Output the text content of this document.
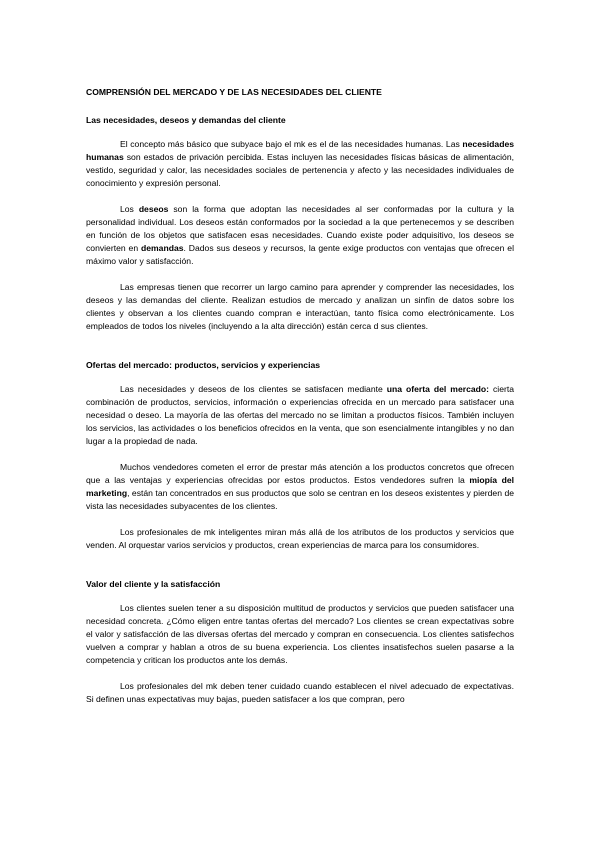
COMPRENSIÓN DEL MERCADO Y DE LAS NECESIDADES DEL CLIENTE
Las necesidades, deseos y demandas del cliente

El concepto más básico que subyace bajo el mk es el de las necesidades humanas. Las necesidades humanas son estados de privación percibida. Estas incluyen las necesidades físicas básicas de alimentación, vestido, seguridad y calor, las necesidades sociales de pertenencia y afecto y las necesidades individuales de conocimiento y expresión personal.

Los deseos son la forma que adoptan las necesidades al ser conformadas por la cultura y la personalidad individual. Los deseos están conformados por la sociedad a la que pertenecemos y se describen en función de los objetos que satisfacen esas necesidades. Cuando existe poder adquisitivo, los deseos se convierten en demandas. Dados sus deseos y recursos, la gente exige productos con ventajas que ofrecen el máximo valor y satisfacción.

Las empresas tienen que recorrer un largo camino para aprender y comprender las necesidades, los deseos y las demandas del cliente. Realizan estudios de mercado y analizan un sinfín de datos sobre los clientes y observan a los clientes cuando compran e interactúan, tanto física como electrónicamente. Los empleados de todos los niveles (incluyendo a la alta dirección) están cerca d sus clientes.

Ofertas del mercado: productos, servicios y experiencias

Las necesidades y deseos de los clientes se satisfacen mediante una oferta del mercado: cierta combinación de productos, servicios, información o experiencias ofrecida en un mercado para satisfacer una necesidad o deseo. La mayoría de las ofertas del mercado no se limitan a productos físicos. También incluyen los servicios, las actividades o los beneficios ofrecidos en la venta, que son esencialmente intangibles y no dan lugar a la propiedad de nada.

Muchos vendedores cometen el error de prestar más atención a los productos concretos que ofrecen que a las ventajas y experiencias ofrecidas por estos productos. Estos vendedores sufren la miopía del marketing, están tan concentrados en sus productos que solo se centran en los deseos existentes y pierden de vista las necesidades subyacentes de los clientes.

Los profesionales de mk inteligentes miran más allá de los atributos de los productos y servicios que venden. Al orquestar varios servicios y productos, crean experiencias de marca para los consumidores.

Valor del cliente y la satisfacción

Los clientes suelen tener a su disposición multitud de productos y servicios que pueden satisfacer una necesidad concreta. ¿Cómo eligen entre tantas ofertas del mercado? Los clientes se crean expectativas sobre el valor y satisfacción de las diversas ofertas del mercado y compran en consecuencia. Los clientes satisfechos vuelven a comprar y hablan a otros de su buena experiencia. Los clientes insatisfechos suelen pasarse a la competencia y critican los productos ante los demás.

Los profesionales del mk deben tener cuidado cuando establecen el nivel adecuado de expectativas. Si definen unas expectativas muy bajas, pueden satisfacer a los que compran, pero
